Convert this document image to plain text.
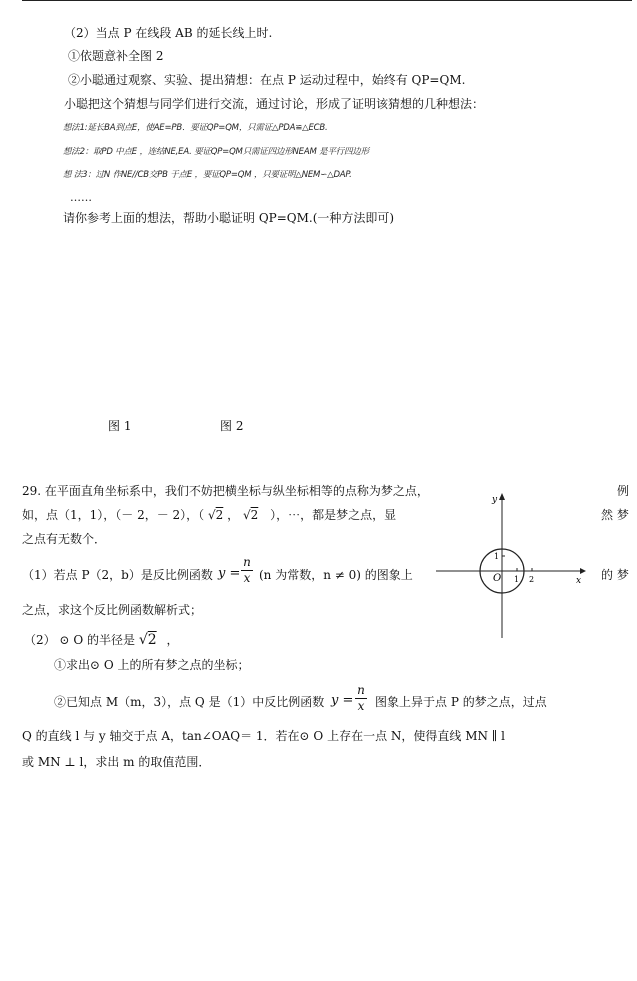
（2）当点 P 在线段 AB 的延长线上时.
①依题意补全图 2
②小聪通过观察、实验、提出猜想：在点 P 运动过程中，始终有 QP=QM.
小聪把这个猜想与同学们进行交流，通过讨论，形成了证明该猜想的几种想法：
想法1:延长BA到点E，使AE=PB．要证QP=QM，只需证△PDA≌△ECB.
想法2：取PD 中点E ，连结NE,EA. 要证QP=QM只需证四边形NEAM 是平行四边形
想 法3：过N 作NE//CB交PB 于点E ，要证QP=QM ，只要证明△NEM∽△DAP.
……
请你参考上面的想法，帮助小聪证明 QP=QM.(一种方法即可)
图 1	图 2
29. 在平面直角坐标系中，我们不妨把横坐标与纵坐标相等的点称为梦之点，	例
如，点（1，1），（－ 2，－ 2），（ √2 ， √2 ），⋯，都是梦之点，显	然 梦
之点有无数个．
（1）若点 P（2，b）是反比例函数 y =
n
x (n 为常数，n ≠ 0) 的图象上	的 梦
之点，求这个反比例函数解析式；
（2） ⊙ O 的半径是 √2 ，
①求出⊙ O 上的所有梦之点的坐标；
②已知点 M（m，3），点 Q 是（1）中反比例函数 y =
n
x 图象上异于点 P 的梦之点，过点
Q 的直线 l 与 y 轴交于点 A，tan∠OAQ＝ 1．若在⊙ O 上存在一点 N，使得直线 MN ∥ l
或 MN ⊥ l，求出 m 的取值范围．
y
x
O 1 2
1
